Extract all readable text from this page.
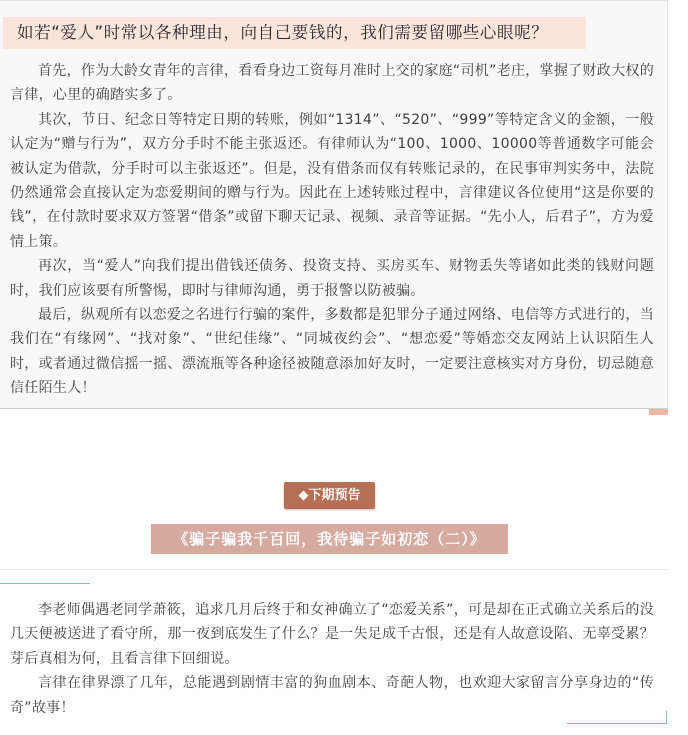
如若“爱人”时常以各种理由，向自己要钱的，我们需要留哪些心眼呢？

首先，作为大龄女青年的言律，看看身边工资每月准时上交的家庭“司机”老庄，掌握了财政大权的言律，心里的确踏实多了。

其次，节日、纪念日等特定日期的转账，例如“1314”、“520”、“999”等特定含义的金额，一般认定为“赠与行为”，双方分手时不能主张返还。有律师认为“100、1000、10000等普通数字可能会被认定为借款，分手时可以主张返还”。但是，没有借条而仅有转账记录的，在民事审判实务中，法院仍然通常会直接认定为恋爱期间的赠与行为。因此在上述转账过程中，言律建议各位使用“这是你要的钱”，在付款时要求双方签署“借条”或留下聊天记录、视频、录音等证据。“先小人，后君子”，方为爱情上策。

再次，当“爱人”向我们提出借钱还债务、投资支持、买房买车、财物丢失等诸如此类的钱财问题时，我们应该要有所警惕，即时与律师沟通，勇于报警以防被骗。

最后，纵观所有以恋爱之名进行行骗的案件，多数都是犯罪分子通过网络、电信等方式进行的，当我们在“有缘网”、“找对象”、“世纪佳缘”、“同城夜约会”、“想恋爱”等婚恋交友网站上认识陌生人时，或者通过微信摇一摇、漂流瓶等各种途径被随意添加好友时，一定要注意核实对方身份，切忌随意信任陌生人！

◆下期预告
《骗子骗我千百回，我待骗子如初恋（二）》

李老师偶遇老同学萧筱，追求几月后终于和女神确立了“恋爱关系”，可是却在正式确立关系后的没几天便被送进了看守所，那一夜到底发生了什么？是一失足成千古恨，还是有人故意设陷、无辜受累？芽后真相为何，且看言律下回细说。

言律在律界漂了几年，总能遇到剧情丰富的狗血剧本、奇葩人物，也欢迎大家留言分享身边的“传奇”故事！
